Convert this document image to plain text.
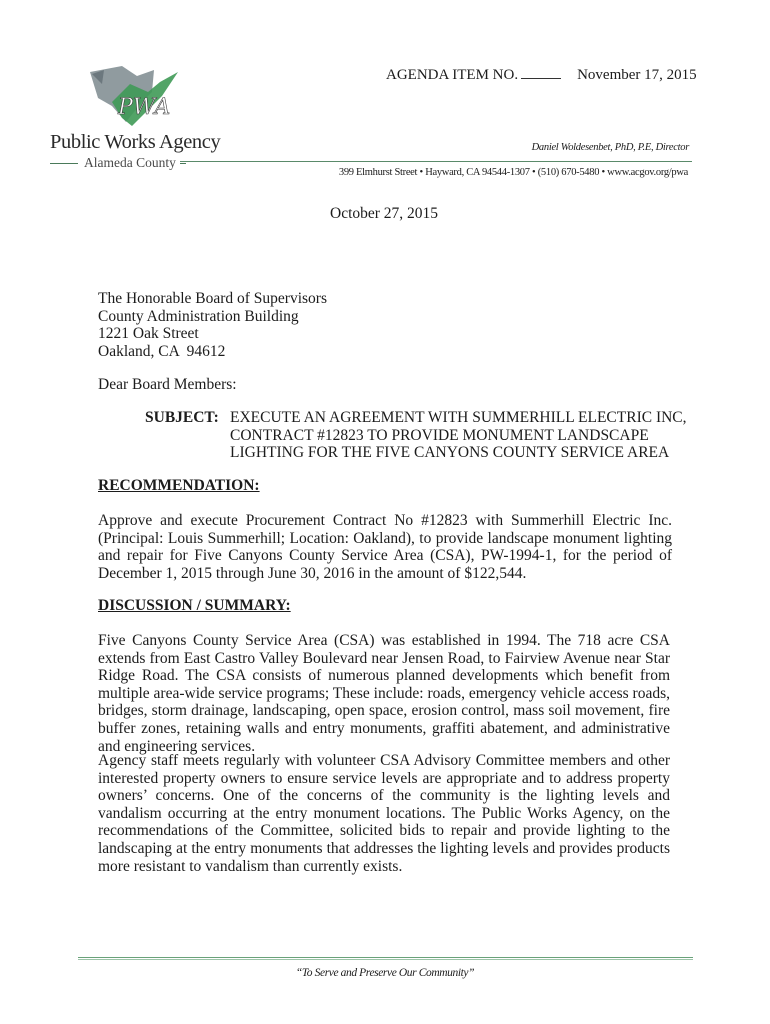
PWA
Public Works Agency
Alameda County
AGENDA ITEM NO.	November 17, 2015
Daniel Woldesenbet, PhD, P.E, Director
399 Elmhurst Street • Hayward, CA 94544-1307 • (510) 670-5480 • www.acgov.org/pwa
October 27, 2015
The Honorable Board of Supervisors
County Administration Building
1221 Oak Street
Oakland, CA  94612
Dear Board Members:
SUBJECT: EXECUTE AN AGREEMENT WITH SUMMERHILL ELECTRIC INC,
CONTRACT #12823 TO PROVIDE MONUMENT LANDSCAPE
LIGHTING FOR THE FIVE CANYONS COUNTY SERVICE AREA
RECOMMENDATION:
Approve and execute Procurement Contract No #12823 with Summerhill Electric Inc. (Principal: Louis Summerhill; Location: Oakland), to provide landscape monument lighting and repair for Five Canyons County Service Area (CSA), PW-1994-1, for the period of December 1, 2015 through June 30, 2016 in the amount of $122,544.
DISCUSSION / SUMMARY:
Five Canyons County Service Area (CSA) was established in 1994. The 718 acre CSA extends from East Castro Valley Boulevard near Jensen Road, to Fairview Avenue near Star Ridge Road. The CSA consists of numerous planned developments which benefit from multiple area-wide service programs; These include: roads, emergency vehicle access roads, bridges, storm drainage, landscaping, open space, erosion control, mass soil movement, fire buffer zones, retaining walls and entry monuments, graffiti abatement, and administrative and engineering services.
Agency staff meets regularly with volunteer CSA Advisory Committee members and other interested property owners to ensure service levels are appropriate and to address property owners’ concerns. One of the concerns of the community is the lighting levels and vandalism occurring at the entry monument locations. The Public Works Agency, on the recommendations of the Committee, solicited bids to repair and provide lighting to the landscaping at the entry monuments that addresses the lighting levels and provides products more resistant to vandalism than currently exists.
“To Serve and Preserve Our Community”
